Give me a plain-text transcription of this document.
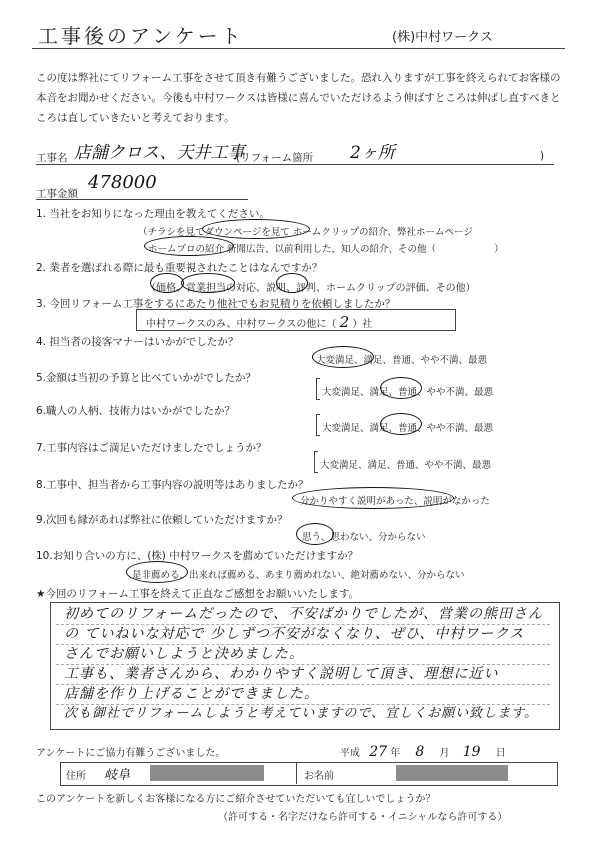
工事後のアンケート	(株)中村ワークス
この度は弊社にてリフォーム工事をさせて頂き有難うございました。恐れ入りますが工事を終えられてお客様の本音をお聞かせください。今後も中村ワークスは皆様に喜んでいただけるよう伸ばすところは伸ばし直すべきところは直していきたいと考えております。
工事名 店舗クロス、天井工事
(リフォーム箇所 2ヶ所	)
工事金額
478000
1. 当社をお知りになった理由を教えてください。
（チラシを見てダウンページを見て ホームクリップの紹介、弊社ホームページ
ホームプロの紹介 新聞広告、以前利用した、知人の紹介、その他（	）
2. 業者を選ばれる際に最も重要視されたことはなんですか？
（価格、営業担当の対応、説明、評判、ホームクリップの評価、その他）
3. 今回リフォーム工事をするにあたり他社でもお見積りを依頼しましたか？
中村ワークスのみ、中村ワークスの他に（ 2 ）社
4. 担当者の接客マナーはいかがでしたか？
大変満足、満足、普通、やや不満、最悪
5.金額は当初の予算と比べていかがでしたか？
大変満足、満足、普通、やや不満、最悪
6.職人の人柄、技術力はいかがでしたか？
大変満足、満足、普通、やや不満、最悪
7.工事内容はご満足いただけましたでしょうか？
大変満足、満足、普通、やや不満、最悪
8.工事中、担当者から工事内容の説明等はありましたか？
分かりやすく説明があった、説明がなかった
9.次回も縁があれば弊社に依頼していただけますか？
思う、思わない、分からない
10.お知り合いの方に、(株) 中村ワークスを薦めていただけますか？
是非薦める、出来れば薦める、あまり薦めれない、絶対薦めない、分からない
★今回のリフォーム工事を終えて正直なご感想をお願いいたします。
初めてのリフォームだったので、不安ばかりでしたが、営業の熊田さん
の ていねいな対応で 少しずつ不安がなくなり、ぜひ、中村ワークス
さんでお願いしようと決めました。
工事も、業者さんから、わかりやすく説明して頂き、理想に近い
店舗を作り上げることができました。
次も御社でリフォームしようと考えていますので、宜しくお願い致します。
アンケートにご協力有難うございました。	平成 27 年 8 月 19 日
住所 岐阜	お名前
このアンケートを新しくお客様になる方にご紹介させていただいても宜しいでしょうか？
（許可する・名字だけなら許可する・イニシャルなら許可する）
